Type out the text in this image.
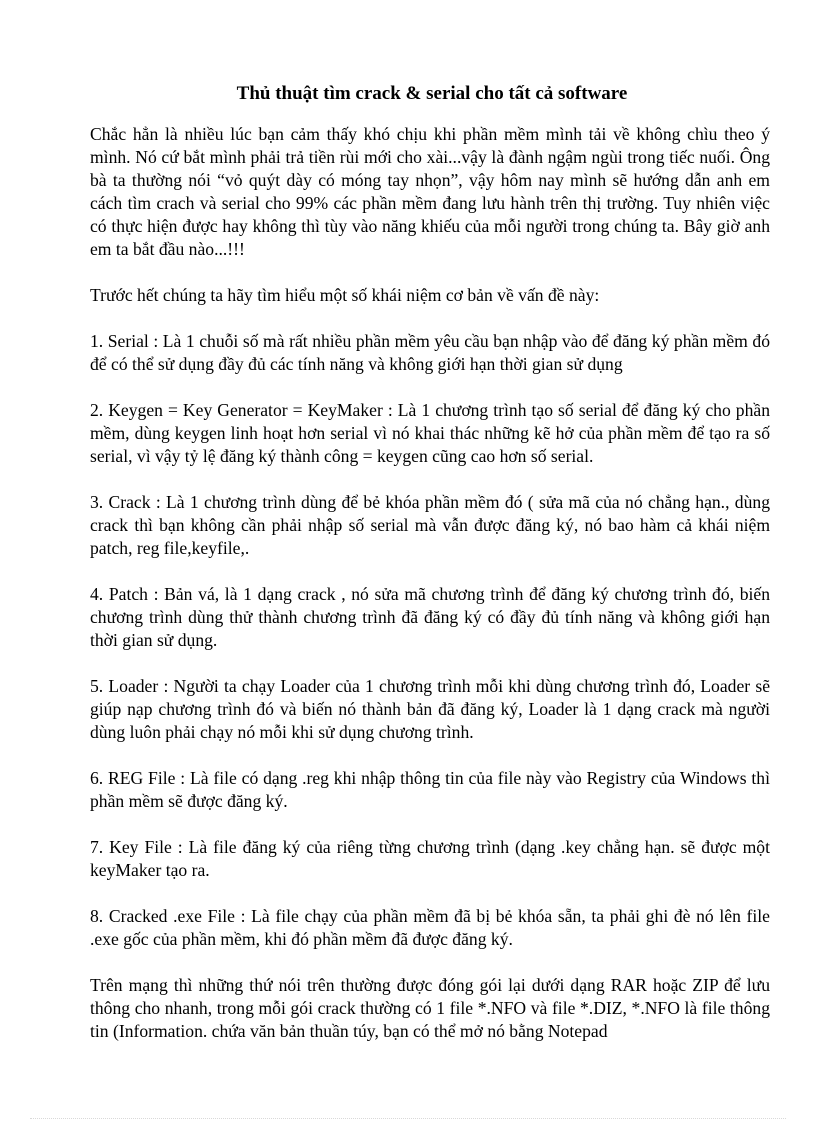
Thủ thuật tìm crack & serial cho tất cả software

Chắc hẳn là nhiều lúc bạn cảm thấy khó chịu khi phần mềm mình tải về không chìu theo ý mình. Nó cứ bắt mình phải trả tiền rùi mới cho xài...vậy là đành ngậm ngùi trong tiếc nuối. Ông bà ta thường nói “vỏ quýt dày có móng tay nhọn”, vậy hôm nay mình sẽ hướng dẫn anh em cách tìm crach và serial cho 99% các phần mềm đang lưu hành trên thị trường. Tuy nhiên việc có thực hiện được hay không thì tùy vào năng khiếu của mỗi người trong chúng ta. Bây giờ anh em ta bắt đầu nào...!!!

Trước hết chúng ta hãy tìm hiểu một số khái niệm cơ bản về vấn đề này:

1. Serial : Là 1 chuỗi số mà rất nhiều phần mềm yêu cầu bạn nhập vào để đăng ký phần mềm đó để có thể sử dụng đầy đủ các tính năng và không giới hạn thời gian sử dụng

2. Keygen = Key Generator = KeyMaker : Là 1 chương trình tạo số serial để đăng ký cho phần mềm, dùng keygen linh hoạt hơn serial vì nó khai thác những kẽ hở của phần mềm để tạo ra số serial, vì vậy tỷ lệ đăng ký thành công = keygen cũng cao hơn số serial.

3. Crack : Là 1 chương trình dùng để bẻ khóa phần mềm đó ( sửa mã của nó chẳng hạn., dùng crack thì bạn không cần phải nhập số serial mà vẫn được đăng ký, nó bao hàm cả khái niệm patch, reg file,keyfile,.

4. Patch : Bản vá, là 1 dạng crack , nó sửa mã chương trình để đăng ký chương trình đó, biến chương trình dùng thử thành chương trình đã đăng ký có đầy đủ tính năng và không giới hạn thời gian sử dụng.

5. Loader : Người ta chạy Loader của 1 chương trình mỗi khi dùng chương trình đó, Loader sẽ giúp nạp chương trình đó và biến nó thành bản đã đăng ký, Loader là 1 dạng crack mà người dùng luôn phải chạy nó mỗi khi sử dụng chương trình.

6. REG File : Là file có dạng .reg khi nhập thông tin của file này vào Registry của Windows thì phần mềm sẽ được đăng ký.

7. Key File : Là file đăng ký của riêng từng chương trình (dạng .key chẳng hạn. sẽ được một keyMaker tạo ra.

8. Cracked .exe File : Là file chạy của phần mềm đã bị bẻ khóa sẵn, ta phải ghi đè nó lên file .exe gốc của phần mềm, khi đó phần mềm đã được đăng ký.

Trên mạng thì những thứ nói trên thường được đóng gói lại dưới dạng RAR hoặc ZIP để lưu thông cho nhanh, trong mỗi gói crack thường có 1 file *.NFO và file *.DIZ, *.NFO là file thông tin (Information. chứa văn bản thuần túy, bạn có thể mở nó bằng Notepad
